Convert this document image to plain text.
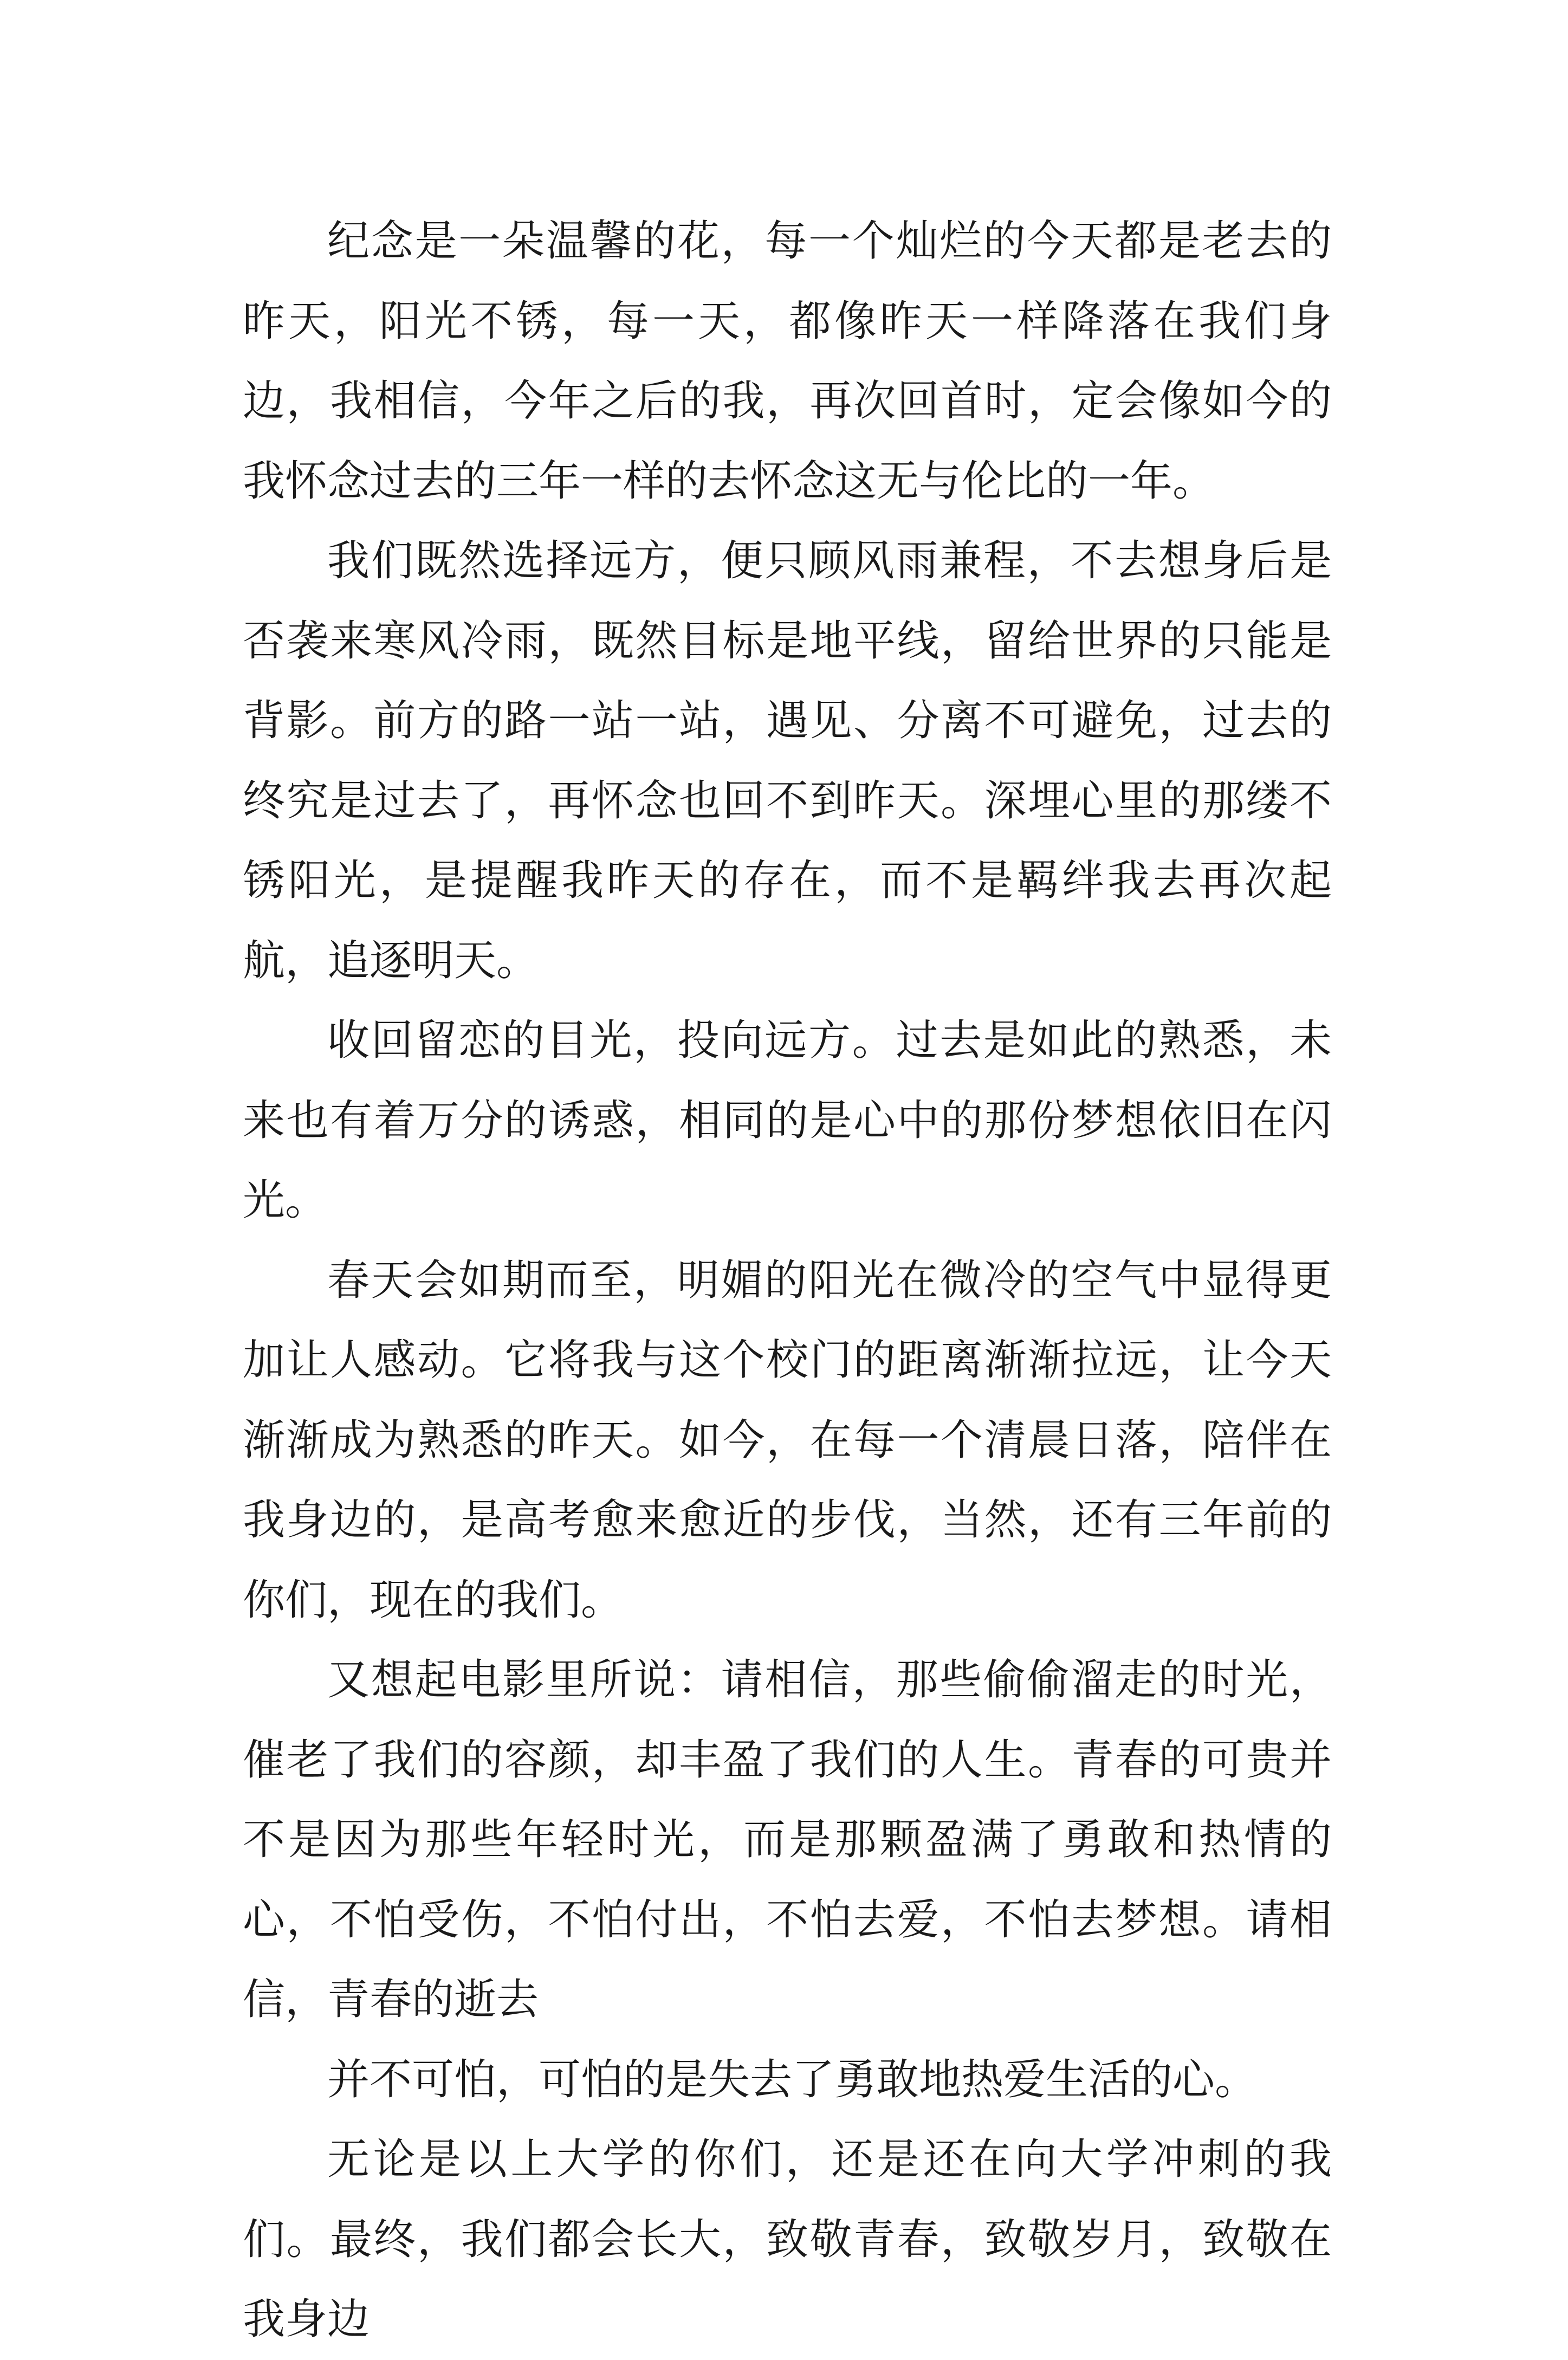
纪念是一朵温馨的花，每一个灿烂的今天都是老去的昨天，阳光不锈，每一天，都像昨天一样降落在我们身边，我相信，今年之后的我，再次回首时，定会像如今的我怀念过去的三年一样的去怀念这无与伦比的一年。

我们既然选择远方，便只顾风雨兼程，不去想身后是否袭来寒风冷雨，既然目标是地平线，留给世界的只能是背影。前方的路一站一站，遇见、分离不可避免，过去的终究是过去了，再怀念也回不到昨天。深埋心里的那缕不锈阳光，是提醒我昨天的存在，而不是羁绊我去再次起航，追逐明天。

收回留恋的目光，投向远方。过去是如此的熟悉，未来也有着万分的诱惑，相同的是心中的那份梦想依旧在闪光。

春天会如期而至，明媚的阳光在微冷的空气中显得更加让人感动。它将我与这个校门的距离渐渐拉远，让今天渐渐成为熟悉的昨天。如今，在每一个清晨日落，陪伴在我身边的，是高考愈来愈近的步伐，当然，还有三年前的你们，现在的我们。

又想起电影里所说：请相信，那些偷偷溜走的时光，催老了我们的容颜，却丰盈了我们的人生。青春的可贵并不是因为那些年轻时光，而是那颗盈满了勇敢和热情的心，不怕受伤，不怕付出，不怕去爱，不怕去梦想。请相信，青春的逝去

并不可怕，可怕的是失去了勇敢地热爱生活的心。

无论是以上大学的你们，还是还在向大学冲刺的我们。最终，我们都会长大，致敬青春，致敬岁月，致敬在我身边
